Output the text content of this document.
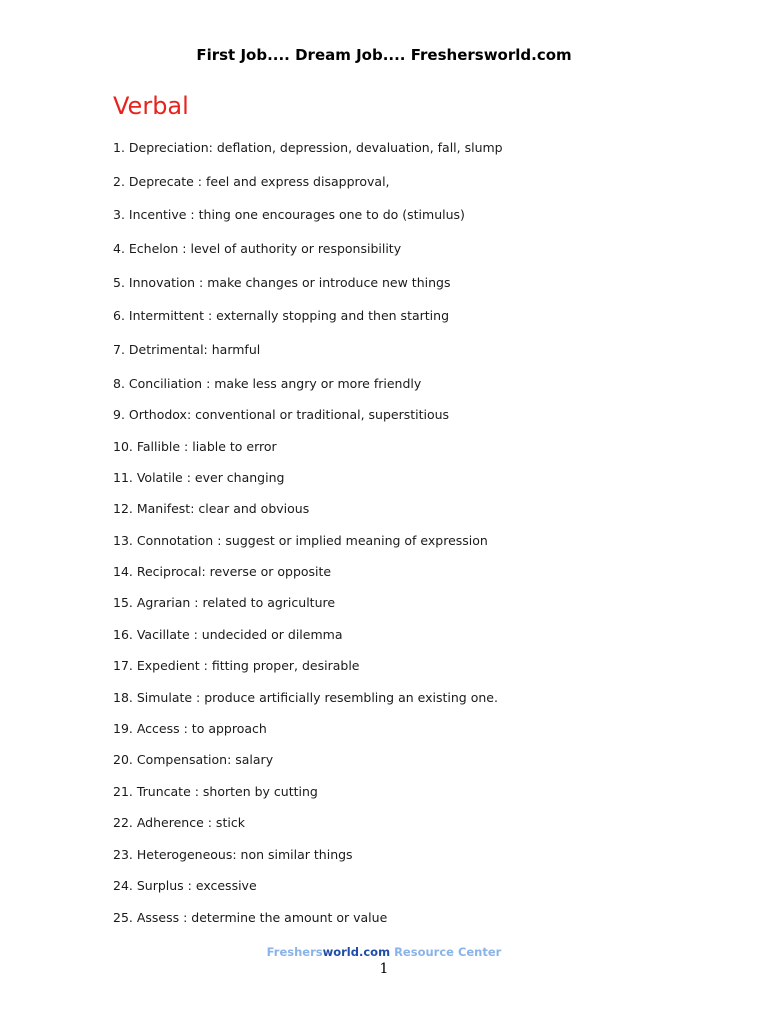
First Job.... Dream Job.... Freshersworld.com
Verbal
1. Depreciation: deflation, depression, devaluation, fall, slump
2. Deprecate : feel and express disapproval,
3. Incentive : thing one encourages one to do (stimulus)
4. Echelon : level of authority or responsibility
5. Innovation : make changes or introduce new things
6. Intermittent : externally stopping and then starting
7. Detrimental: harmful
8. Conciliation : make less angry or more friendly
9. Orthodox: conventional or traditional, superstitious
10. Fallible : liable to error
11. Volatile : ever changing
12. Manifest: clear and obvious
13. Connotation : suggest or implied meaning of expression
14. Reciprocal: reverse or opposite
15. Agrarian : related to agriculture
16. Vacillate : undecided or dilemma
17. Expedient : fitting proper, desirable
18. Simulate : produce artificially resembling an existing one.
19. Access : to approach
20. Compensation: salary
21. Truncate : shorten by cutting
22. Adherence : stick
23. Heterogeneous: non similar things
24. Surplus : excessive
25. Assess : determine the amount or value
Freshersworld.com Resource Center
1
